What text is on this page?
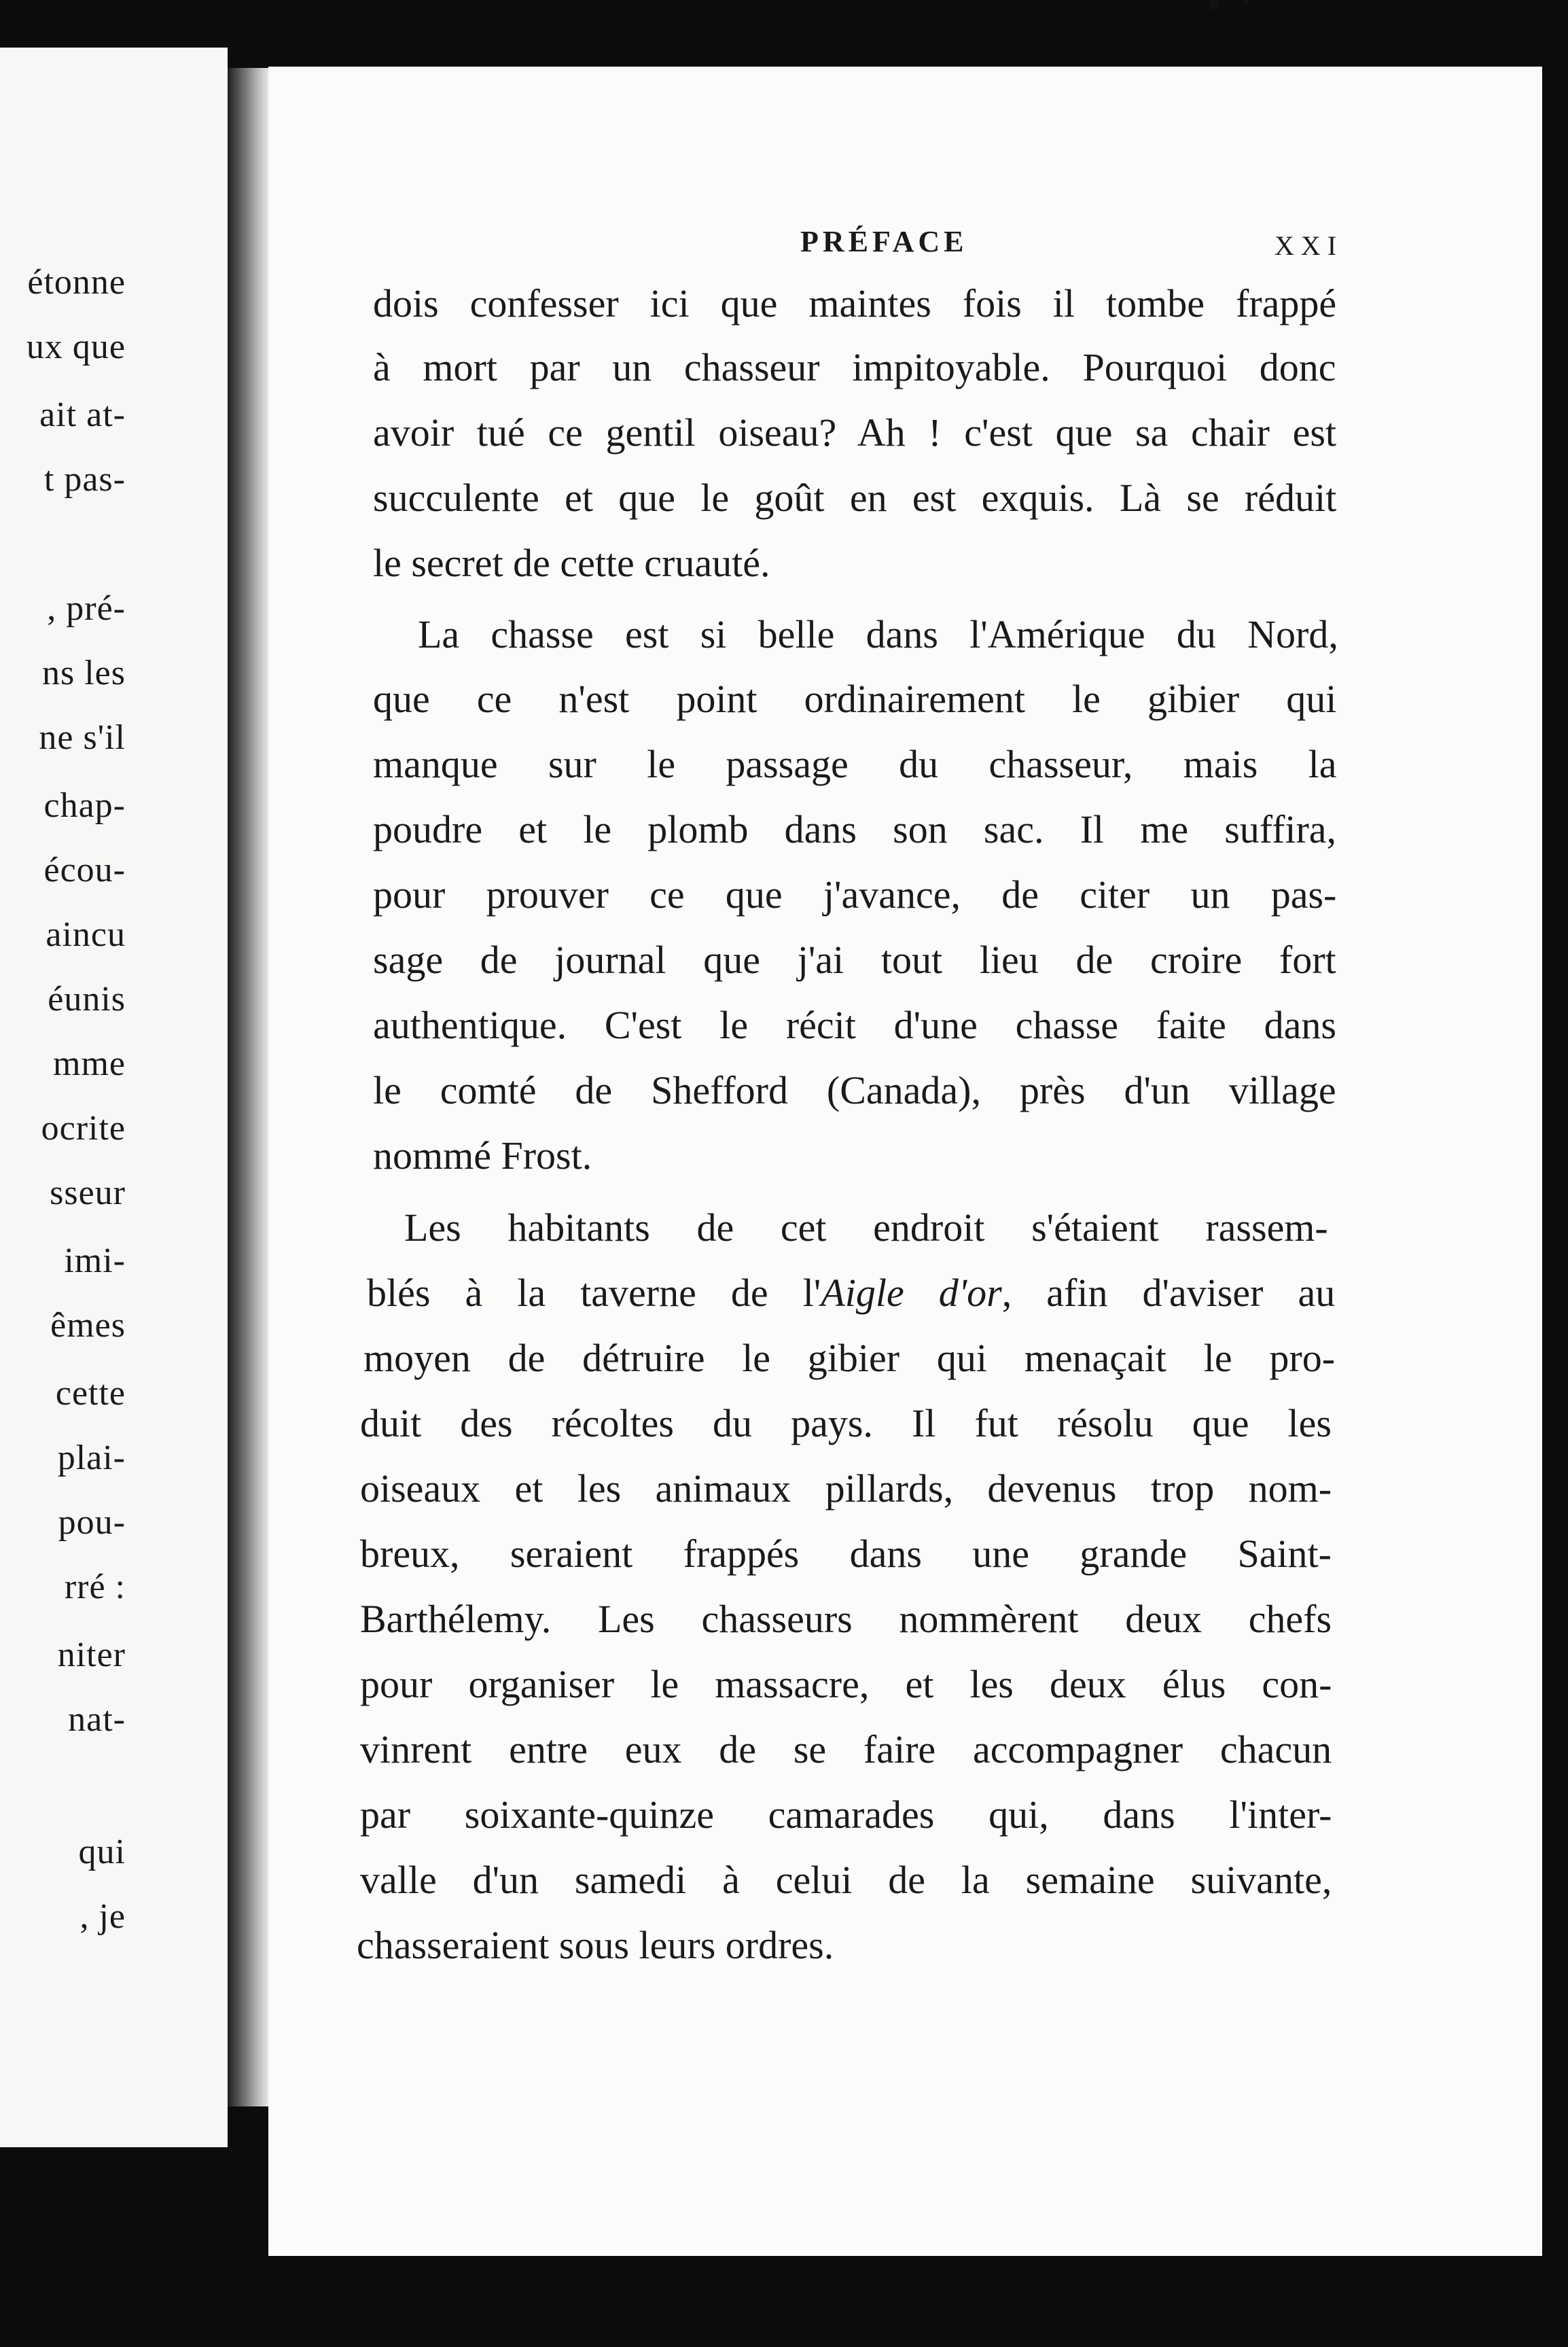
étonne
ux que
ait at-
t pas-
, pré-
ns les
ne s'il
chap-
écou-
aincu
éunis
mme
ocrite
sseur
imi-
êmes
cette
plai-
pou-
rré :
niter
nat-
qui
, je
PRÉFACE	XXI
dois confesser ici que maintes fois il tombe frappé
à mort par un chasseur impitoyable. Pourquoi donc
avoir tué ce gentil oiseau? Ah ! c'est que sa chair est
succulente et que le goût en est exquis. Là se réduit
le secret de cette cruauté.
La chasse est si belle dans l'Amérique du Nord,
que ce n'est point ordinairement le gibier qui
manque sur le passage du chasseur, mais la
poudre et le plomb dans son sac. Il me suffira,
pour prouver ce que j'avance, de citer un pas-
sage de journal que j'ai tout lieu de croire fort
authentique. C'est le récit d'une chasse faite dans
le comté de Shefford (Canada), près d'un village
nommé Frost.
Les habitants de cet endroit s'étaient rassem-
blés à la taverne de l'Aigle d'or, afin d'aviser au
moyen de détruire le gibier qui menaçait le pro-
duit des récoltes du pays. Il fut résolu que les
oiseaux et les animaux pillards, devenus trop nom-
breux, seraient frappés dans une grande Saint-
Barthélemy. Les chasseurs nommèrent deux chefs
pour organiser le massacre, et les deux élus con-
vinrent entre eux de se faire accompagner chacun
par soixante-quinze camarades qui, dans l'inter-
valle d'un samedi à celui de la semaine suivante,
chasseraient sous leurs ordres.
